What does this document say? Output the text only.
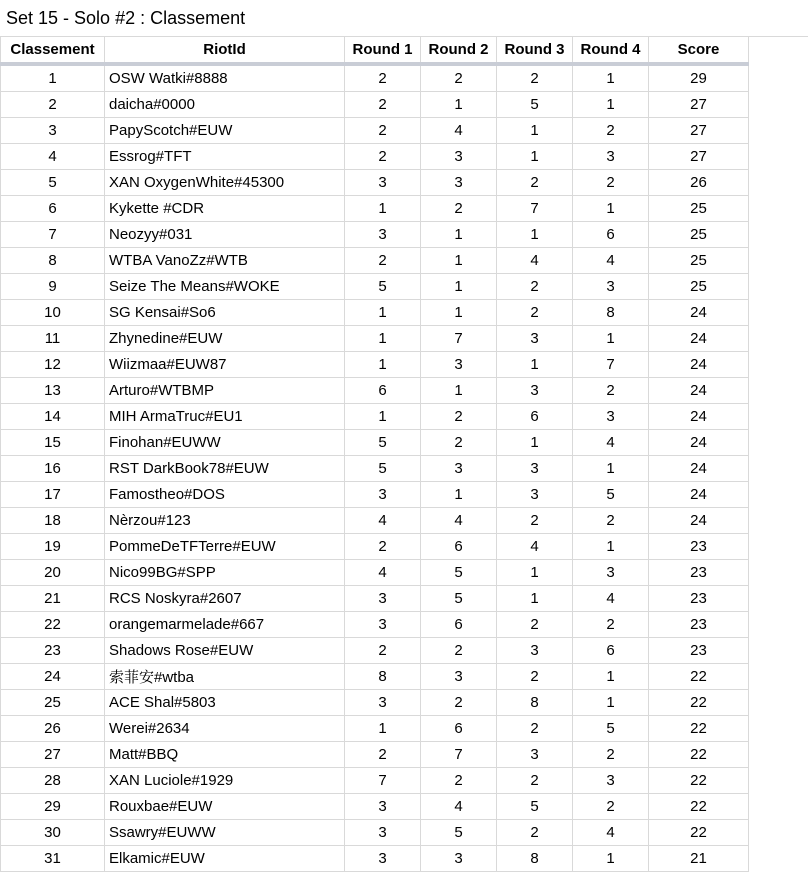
Set 15 - Solo #2 : Classement
Classement	RiotId	Round 1	Round 2	Round 3	Round 4	Score
1	OSW Watki#8888	2	2	2	1	29
2	daicha#0000	2	1	5	1	27
3	PapyScotch#EUW	2	4	1	2	27
4	Essrog#TFT	2	3	1	3	27
5	XAN OxygenWhite#45300	3	3	2	2	26
6	Kykette #CDR	1	2	7	1	25
7	Neozyy#031	3	1	1	6	25
8	WTBA VanoZz#WTB	2	1	4	4	25
9	Seize The Means#WOKE	5	1	2	3	25
10	SG Kensai#So6	1	1	2	8	24
11	Zhynedine#EUW	1	7	3	1	24
12	Wiizmaa#EUW87	1	3	1	7	24
13	Arturo#WTBMP	6	1	3	2	24
14	MIH ArmaTruc#EU1	1	2	6	3	24
15	Finohan#EUWW	5	2	1	4	24
16	RST DarkBook78#EUW	5	3	3	1	24
17	Famostheo#DOS	3	1	3	5	24
18	Nèrzou#123	4	4	2	2	24
19	PommeDeTFTerre#EUW	2	6	4	1	23
20	Nico99BG#SPP	4	5	1	3	23
21	RCS Noskyra#2607	3	5	1	4	23
22	orangemarmelade#667	3	6	2	2	23
23	Shadows Rose#EUW	2	2	3	6	23
24	索菲安#wtba	8	3	2	1	22
25	ACE Shal#5803	3	2	8	1	22
26	Werei#2634	1	6	2	5	22
27	Matt#BBQ	2	7	3	2	22
28	XAN Luciole#1929	7	2	2	3	22
29	Rouxbae#EUW	3	4	5	2	22
30	Ssawry#EUWW	3	5	2	4	22
31	Elkamic#EUW	3	3	8	1	21
